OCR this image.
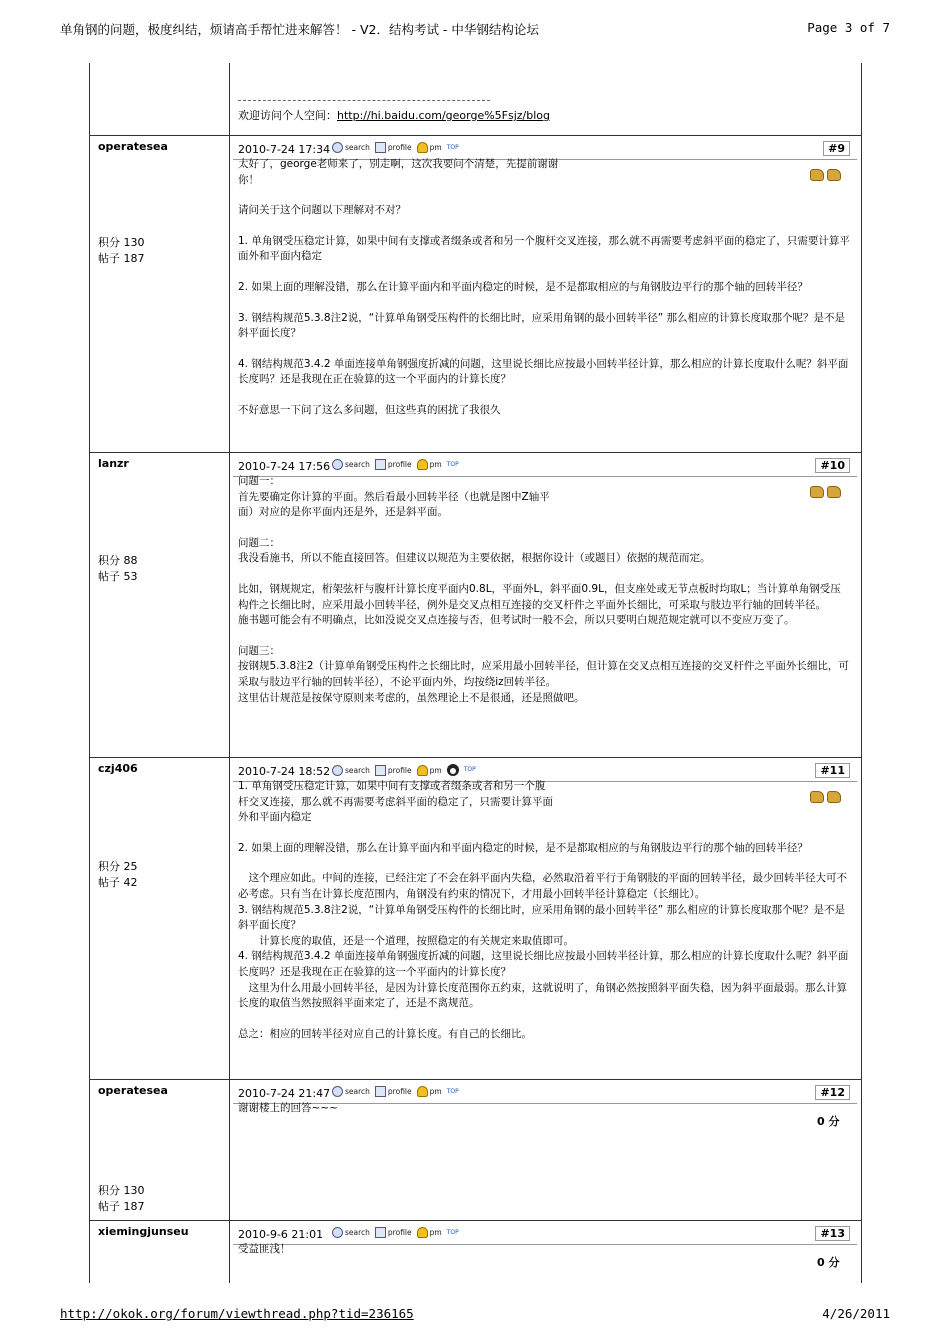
单角钢的问题，极度纠结，烦请高手帮忙进来解答！ - V2．结构考试 - 中华钢结构论坛	Page 3 of 7
欢迎访问个人空间：http://hi.baidu.com/george%5Fsjz/blog
operatesea
积分 130
帖子 187
2010-7-24 17:34 search profile pm TOP	#9

太好了，george老师来了，别走啊，这次我要问个清楚，先提前谢谢

你！

请问关于这个问题以下理解对不对？

1. 单角钢受压稳定计算，如果中间有支撑或者缀条或者和另一个腹杆交叉连接，那么就不再需要考虑斜平面的稳定了，只需要计算平面外和平面内稳定

2. 如果上面的理解没错，那么在计算平面内和平面内稳定的时候，是不是都取相应的与角钢肢边平行的那个轴的回转半径？

3. 钢结构规范5.3.8注2说，“计算单角钢受压构件的长细比时，应采用角钢的最小回转半径” 那么相应的计算长度取那个呢？是不是斜平面长度？

4. 钢结构规范3.4.2 单面连接单角钢强度折减的问题，这里说长细比应按最小回转半径计算，那么相应的计算长度取什么呢？斜平面长度吗？还是我现在正在验算的这一个平面内的计算长度？

不好意思一下问了这么多问题，但这些真的困扰了我很久

lanzr
积分 88
帖子 53
2010-7-24 17:56 search profile pm TOP	#10

问题一：

首先要确定你计算的平面。然后看最小回转半径（也就是图中Z轴平

面）对应的是你平面内还是外，还是斜平面。

问题二：
我没看施书，所以不能直接回答。但建议以规范为主要依据，根据你设计（或题目）依据的规范而定。

比如，钢规规定，桁架弦杆与腹杆计算长度平面内0.8L，平面外L，斜平面0.9L，但支座处或无节点板时均取L；当计算单角钢受压构件之长细比时，应采用最小回转半径，例外是交叉点相互连接的交叉杆件之平面外长细比，可采取与肢边平行轴的回转半径。
施书题可能会有不明确点，比如没说交叉点连接与否，但考试时一般不会，所以只要明白规范规定就可以不变应万变了。

问题三：
按钢规5.3.8注2（计算单角钢受压构件之长细比时，应采用最小回转半径，但计算在交叉点相互连接的交叉杆件之平面外长细比，可采取与肢边平行轴的回转半径），不论平面内外，均按绕iz回转半径。
这里估计规范是按保守原则来考虑的，虽然理论上不是很通，还是照做吧。

czj406
积分 25
帖子 42
2010-7-24 18:52 search profile pm	TOP	#11

1. 单角钢受压稳定计算，如果中间有支撑或者缀条或者和另一个腹

杆交叉连接，那么就不再需要考虑斜平面的稳定了，只需要计算平面

外和平面内稳定

2. 如果上面的理解没错，那么在计算平面内和平面内稳定的时候，是不是都取相应的与角钢肢边平行的那个轴的回转半径？

　这个理应如此。中间的连接，已经注定了不会在斜平面内失稳，必然取沿着平行于角钢肢的平面的回转半径，最少回转半径大可不必考虑。只有当在计算长度范围内，角钢没有约束的情况下，才用最小回转半径计算稳定（长细比）。
3. 钢结构规范5.3.8注2说，“计算单角钢受压构件的长细比时，应采用角钢的最小回转半径” 那么相应的计算长度取那个呢？是不是斜平面长度？
　　计算长度的取值，还是一个道理，按照稳定的有关规定来取值即可。
4. 钢结构规范3.4.2 单面连接单角钢强度折减的问题，这里说长细比应按最小回转半径计算，那么相应的计算长度取什么呢？斜平面长度吗？还是我现在正在验算的这一个平面内的计算长度？
　这里为什么用最小回转半径，是因为计算长度范围你五约束，这就说明了，角钢必然按照斜平面失稳，因为斜平面最弱。那么计算长度的取值当然按照斜平面来定了，还是不离规范。

总之：相应的回转半径对应自己的计算长度。有自己的长细比。

operatesea
积分 130
帖子 187
2010-7-24 21:47 search profile pm TOP	#12

谢谢楼上的回答~~~

0 分
xiemingjunseu	2010-9-6 21:01	search profile pm TOP	#13

受益匪浅！

0 分
http://okok.org/forum/viewthread.php?tid=236165	4/26/2011
